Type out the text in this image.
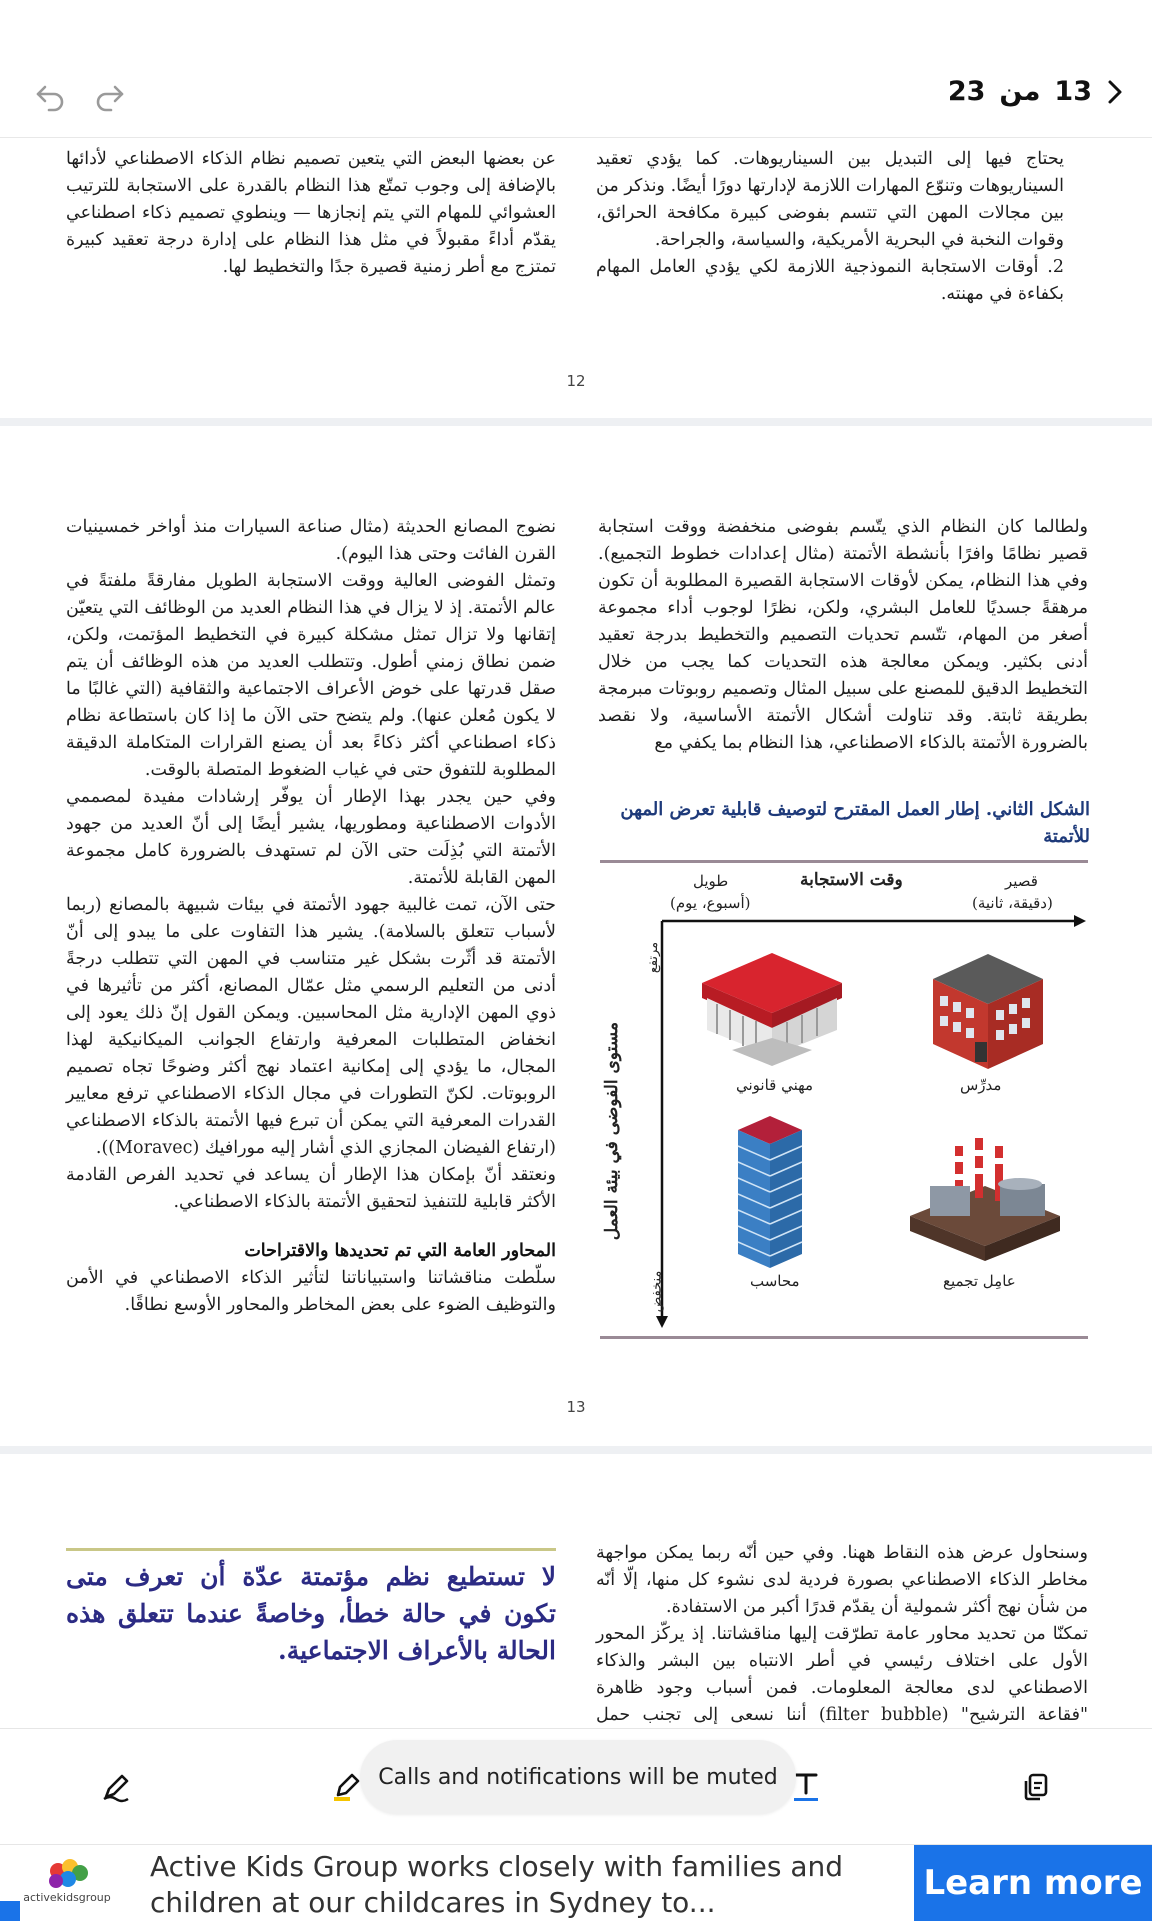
23 من 13

يحتاج فيها إلى التبديل بين السيناريوهات. كما يؤدي تعقيد السيناريوهات وتنوّع المهارات اللازمة لإدارتها دورًا أيضًا. ونذكر من بين مجالات المهن التي تتسم بفوضى كبيرة مكافحة الحرائق، وقوات النخبة في البحرية الأمريكية، والسياسة، والجراحة.

2. أوقات الاستجابة النموذجية اللازمة لكي يؤدي العامل المهام بكفاءة في مهنته.

عن بعضها البعض التي يتعين تصميم نظام الذكاء الاصطناعي لأدائها بالإضافة إلى وجوب تمتّع هذا النظام بالقدرة على الاستجابة للترتيب العشوائي للمهام التي يتم إنجازها — وينطوي تصميم ذكاء اصطناعي يقدّم أداءً مقبولاً في مثل هذا النظام على إدارة درجة تعقيد كبيرة تمتزج مع أطر زمنية قصيرة جدًا والتخطيط لها.

12

ولطالما كان النظام الذي يتّسم بفوضى منخفضة ووقت استجابة قصير نظامًا وافرًا بأنشطة الأتمتة (مثال إعدادات خطوط التجميع). وفي هذا النظام، يمكن لأوقات الاستجابة القصيرة المطلوبة أن تكون مرهقةً جسديًا للعامل البشري، ولكن، نظرًا لوجوب أداء مجموعة أصغر من المهام، تتّسم تحديات التصميم والتخطيط بدرجة تعقيد أدنى بكثير. ويمكن معالجة هذه التحديات كما يجب من خلال التخطيط الدقيق للمصنع على سبيل المثال وتصميم روبوتات مبرمجة بطريقة ثابتة. وقد تناولت أشكال الأتمتة الأساسية، ولا نقصد بالضرورة الأتمتة بالذكاء الاصطناعي، هذا النظام بما يكفي مع

الشكل الثاني. إطار العمل المقترح لتوصيف قابلية تعرض المهن للأتمتة
وقت الاستجابة	قصير
(دقيقة، ثانية)
طويل
(أسبوع، يوم)
مستوى الفوضى في بيئة العمل
مرتفع
منخفض
مدرِّس
مهني قانوني
عامِل تجميع
محاسب

نضوج المصانع الحديثة (مثال صناعة السيارات منذ أواخر خمسينيات القرن الفائت وحتى هذا اليوم).

وتمثل الفوضى العالية ووقت الاستجابة الطويل مفارقةً ملفتةً في عالم الأتمتة. إذ لا يزال في هذا النظام العديد من الوظائف التي يتعيّن إتقانها ولا تزال تمثل مشكلة كبيرة في التخطيط المؤتمت، ولكن، ضمن نطاق زمني أطول. وتتطلب العديد من هذه الوظائف أن يتم صقل قدرتها على خوض الأعراف الاجتماعية والثقافية (التي غالبًا ما لا يكون مُعلن عنها). ولم يتضح حتى الآن ما إذا كان باستطاعة نظام ذكاء اصطناعي أكثر ذكاءً بعد أن يصنع القرارات المتكاملة الدقيقة المطلوبة للتفوق حتى في غياب الضغوط المتصلة بالوقت.

وفي حين يجدر بهذا الإطار أن يوفّر إرشادات مفيدة لمصممي الأدوات الاصطناعية ومطوريها، يشير أيضًا إلى أنّ العديد من جهود الأتمتة التي بُذِلَت حتى الآن لم تستهدف بالضرورة كامل مجموعة المهن القابلة للأتمتة.

حتى الآن، تمت غالبية جهود الأتمتة في بيئات شبيهة بالمصانع (ربما لأسباب تتعلق بالسلامة). يشير هذا التفاوت على ما يبدو إلى أنّ الأتمتة قد أثّرت بشكل غير متناسب في المهن التي تتطلب درجةً أدنى من التعليم الرسمي مثل عمّال المصانع، أكثر من تأثيرها في ذوي المهن الإدارية مثل المحاسبين. ويمكن القول إنّ ذلك يعود إلى انخفاض المتطلبات المعرفية وارتفاع الجوانب الميكانيكية لهذا المجال، ما يؤدي إلى إمكانية اعتماد نهج أكثر وضوحًا تجاه تصميم الروبوتات. لكنّ التطورات في مجال الذكاء الاصطناعي ترفع معايير القدرات المعرفية التي يمكن أن تبرع فيها الأتمتة بالذكاء الاصطناعي (ارتفاع الفيضان المجازي الذي أشار إليه مورافيك (Moravec)).

ونعتقد أنّ بإمكان هذا الإطار أن يساعد في تحديد الفرص القادمة الأكثر قابلية للتنفيذ لتحقيق الأتمتة بالذكاء الاصطناعي.

المحاور العامة التي تم تحديدها والاقتراحات

سلّطت مناقشاتنا واستبياناتنا لتأثير الذكاء الاصطناعي في الأمن والتوظيف الضوء على بعض المخاطر والمحاور الأوسع نطاقًا.

13

وسنحاول عرض هذه النقاط ههنا. وفي حين أنّه ربما يمكن مواجهة مخاطر الذكاء الاصطناعي بصورة فردية لدى نشوء كل منها، إلّا أنّه من شأن نهج أكثر شمولية أن يقدّم قدرًا أكبر من الاستفادة.

تمكنّا من تحديد محاور عامة تطرّقت إليها مناقشاتنا. إذ يركّز المحور الأول على اختلاف رئيسي في أطر الانتباه بين البشر والذكاء الاصطناعي لدى معالجة المعلومات. فمن أسباب وجود ظاهرة "فقاعة الترشيح" (filter bubble) أننا نسعى إلى تجنب حمل

لا تستطيع نظم مؤتمتة عدّة أن تعرف متى تكون في حالة خطأ، وخاصةً عندما تتعلق هذه الحالة بالأعراف الاجتماعية.
Calls and notifications will be muted
activekidsgroup
Active Kids Group works closely with families and children at our childcares in Sydney to...	Learn more
